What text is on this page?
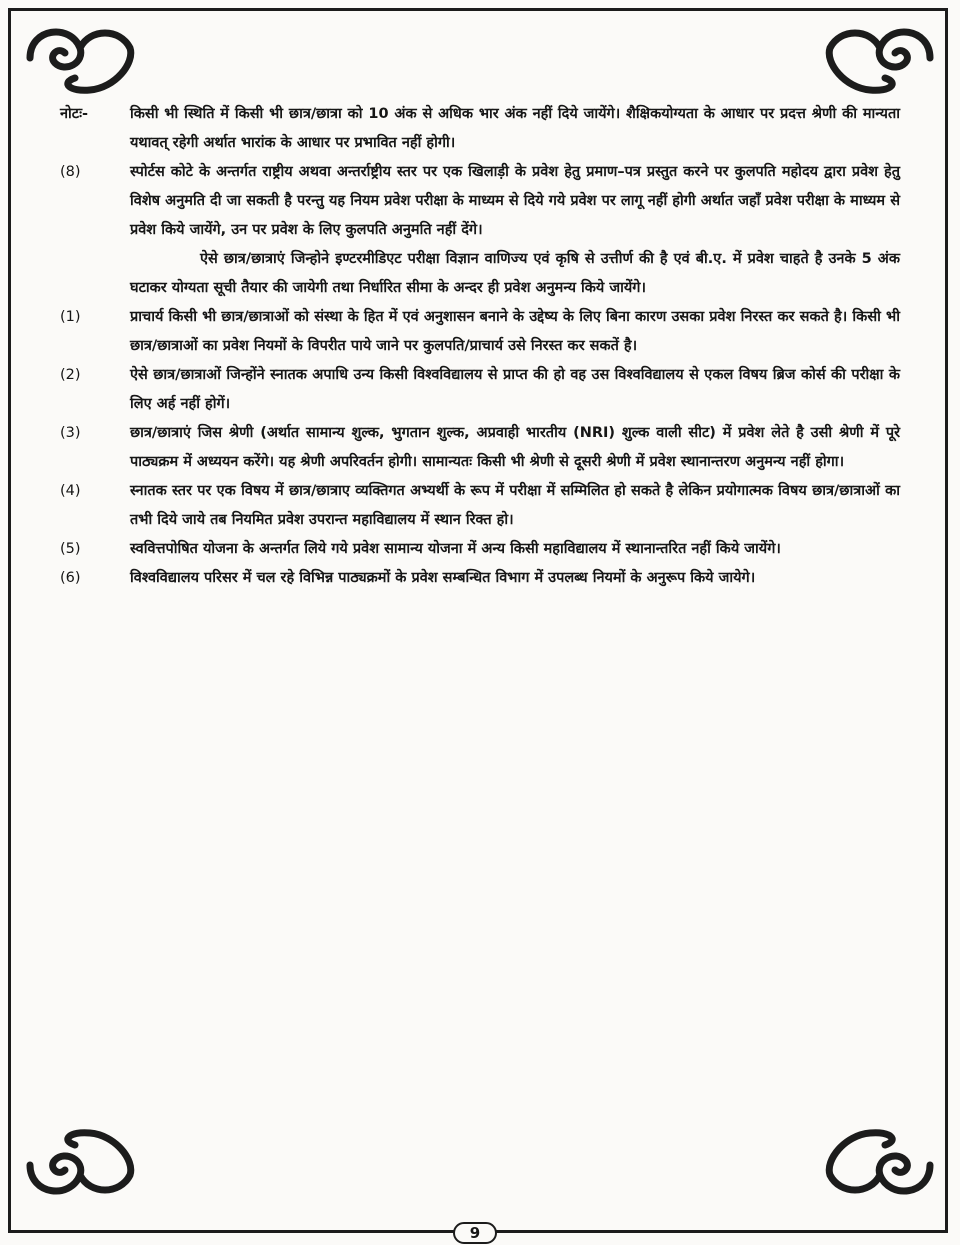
नोटः-	किसी भी स्थिति में किसी भी छात्र/छात्रा को 10 अंक से अधिक भार अंक नहीं दिये जायेंगे। शैक्षिकयोग्यता के आधार पर प्रदत्त श्रेणी की मान्यता यथावत् रहेगी अर्थात भारांक के आधार पर प्रभावित नहीं होगी।
(8)	स्पोर्टस कोटे के अन्तर्गत राष्ट्रीय अथवा अन्तर्राष्ट्रीय स्तर पर एक खिलाड़ी के प्रवेश हेतु प्रमाण–पत्र प्रस्तुत करने पर कुलपति महोदय द्वारा प्रवेश हेतु विशेष अनुमति दी जा सकती है परन्तु यह नियम प्रवेश परीक्षा के माध्यम से दिये गये प्रवेश पर लागू नहीं होगी अर्थात जहाँ प्रवेश परीक्षा के माध्यम से प्रवेश किये जायेंगे, उन पर प्रवेश के लिए कुलपति अनुमति नहीं देंगे।
ऐसे छात्र/छात्राएं जिन्होने इण्टरमीडिएट परीक्षा विज्ञान वाणिज्य एवं कृषि से उत्तीर्ण की है एवं बी.ए. में प्रवेश चाहते है उनके 5 अंक घटाकर योग्यता सूची तैयार की जायेगी तथा निर्धारित सीमा के अन्दर ही प्रवेश अनुमन्य किये जायेंगे।
(1)	प्राचार्य किसी भी छात्र/छात्राओं को संस्था के हित में एवं अनुशासन बनाने के उद्देष्य के लिए बिना कारण उसका प्रवेश निरस्त कर सकते है। किसी भी छात्र/छात्राओं का प्रवेश नियमों के विपरीत पाये जाने पर कुलपति/प्राचार्य उसे निरस्त कर सकतें है।
(2)	ऐसे छात्र/छात्राओं जिन्होंने स्नातक अपाधि उन्य किसी विश्वविद्यालय से प्राप्त की हो वह उस विश्वविद्यालय से एकल विषय ब्रिज कोर्स की परीक्षा के लिए अर्ह नहीं होगें।
(3)	छात्र/छात्राएं जिस श्रेणी (अर्थात सामान्य शुल्क, भुगतान शुल्क, अप्रवाही भारतीय (NRI) शुल्क वाली सीट) में प्रवेश लेते है उसी श्रेणी में पूरे पाठ्यक्रम में अध्ययन करेंगे। यह श्रेणी अपरिवर्तन होगी। सामान्यतः किसी भी श्रेणी से दूसरी श्रेणी में प्रवेश स्थानान्तरण अनुमन्य नहीं होगा।
(4)	स्नातक स्तर पर एक विषय में छात्र/छात्राए व्यक्तिगत अभ्यर्थी के रूप में परीक्षा में सम्मिलित हो सकते है लेकिन प्रयोगात्मक विषय छात्र/छात्राओं का तभी दिये जाये तब नियमित प्रवेश उपरान्त महाविद्यालय में स्थान रिक्त हो।
(5)	स्ववित्तपोषित योजना के अन्तर्गत लिये गये प्रवेश सामान्य योजना में अन्य किसी महाविद्यालय में स्थानान्तरित नहीं किये जायेंगे।
(6)	विश्वविद्यालय परिसर में चल रहे विभिन्न पाठ्यक्रमों के प्रवेश सम्बन्धित विभाग में उपलब्ध नियमों के अनुरूप किये जायेगे।
9
